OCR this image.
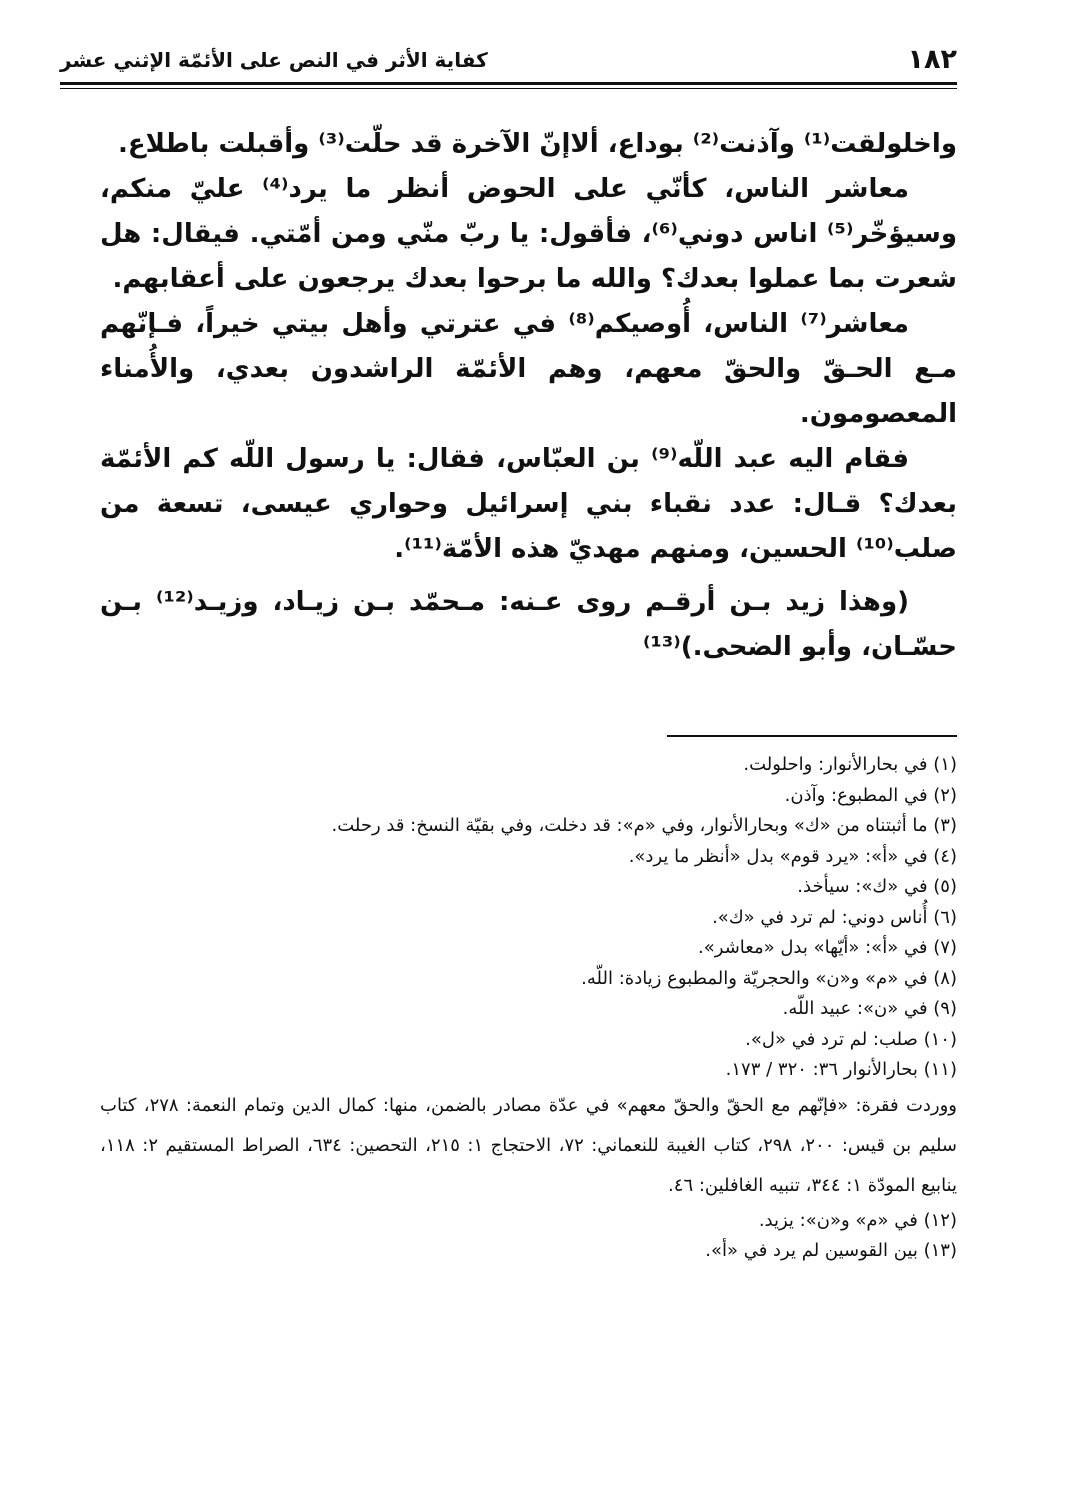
١٨٢
كفاية الأثر في النص على الأئمّة الإثني عشر

واخلولقت⁽¹⁾ وآذنت⁽²⁾ بوداع، ألاإنّ الآخرة قد حلّت⁽³⁾ وأقبلت باطلاع.

معاشر الناس، كأنّي على الحوض أنظر ما يرد⁽⁴⁾ عليّ منكم، وسيؤخّر⁽⁵⁾ اناس دوني⁽⁶⁾، فأقول: يا ربّ منّي ومن أمّتي. فيقال: هل شعرت بما عملوا بعدك؟ والله ما برحوا بعدك يرجعون على أعقابهم.

معاشر⁽⁷⁾ الناس، أُوصيكم⁽⁸⁾ في عترتي وأهل بيتي خيراً، فـإنّهم مـع الحـقّ والحقّ معهم، وهم الأئمّة الراشدون بعدي، والأُمناء المعصومون.

فقام اليه عبد اللّه⁽⁹⁾ بن العبّاس، فقال: يا رسول اللّه كم الأئمّة بعدك؟ قـال: عدد نقباء بني إسرائيل وحواري عيسى، تسعة من صلب⁽¹⁰⁾ الحسين، ومنهم مهديّ هذه الأمّة⁽¹¹⁾.

(وهذا زيد بـن أرقـم روى عـنه: مـحمّد بـن زيـاد، وزيـد⁽¹²⁾ بـن حسّـان، وأبو الضحى.)⁽¹³⁾

(١) في بحارالأنوار: واحلولت.

(٢) في المطبوع: وآذن.

(٣) ما أثبتناه من «ك» وبحارالأنوار، وفي «م»: قد دخلت، وفي بقيّة النسخ: قد رحلت.

(٤) في «أ»: «يرد قوم» بدل «أنظر ما يرد».

(٥) في «ك»: سيأخذ.

(٦) أُناس دوني: لم ترد في «ك».

(٧) في «أ»: «أيّها» بدل «معاشر».

(٨) في «م» و«ن» والحجريّة والمطبوع زيادة: اللّه.

(٩) في «ن»: عبيد اللّه.

(١٠) صلب: لم ترد في «ل».

(١١) بحارالأنوار ٣٦: ٣٢٠ / ١٧٣.

ووردت فقرة: «فإنّهم مع الحقّ والحقّ معهم» في عدّة مصادر بالضمن، منها: كمال الدين وتمام النعمة: ٢٧٨، كتاب سليم بن قيس: ٢٠٠، ٢٩٨، كتاب الغيبة للنعماني: ٧٢، الاحتجاج ١: ٢١٥، التحصين: ٦٣٤، الصراط المستقيم ٢: ١١٨، ينابيع المودّة ١: ٣٤٤، تنبيه الغافلين: ٤٦.

(١٢) في «م» و«ن»: يزيد.

(١٣) بين القوسين لم يرد في «أ».
